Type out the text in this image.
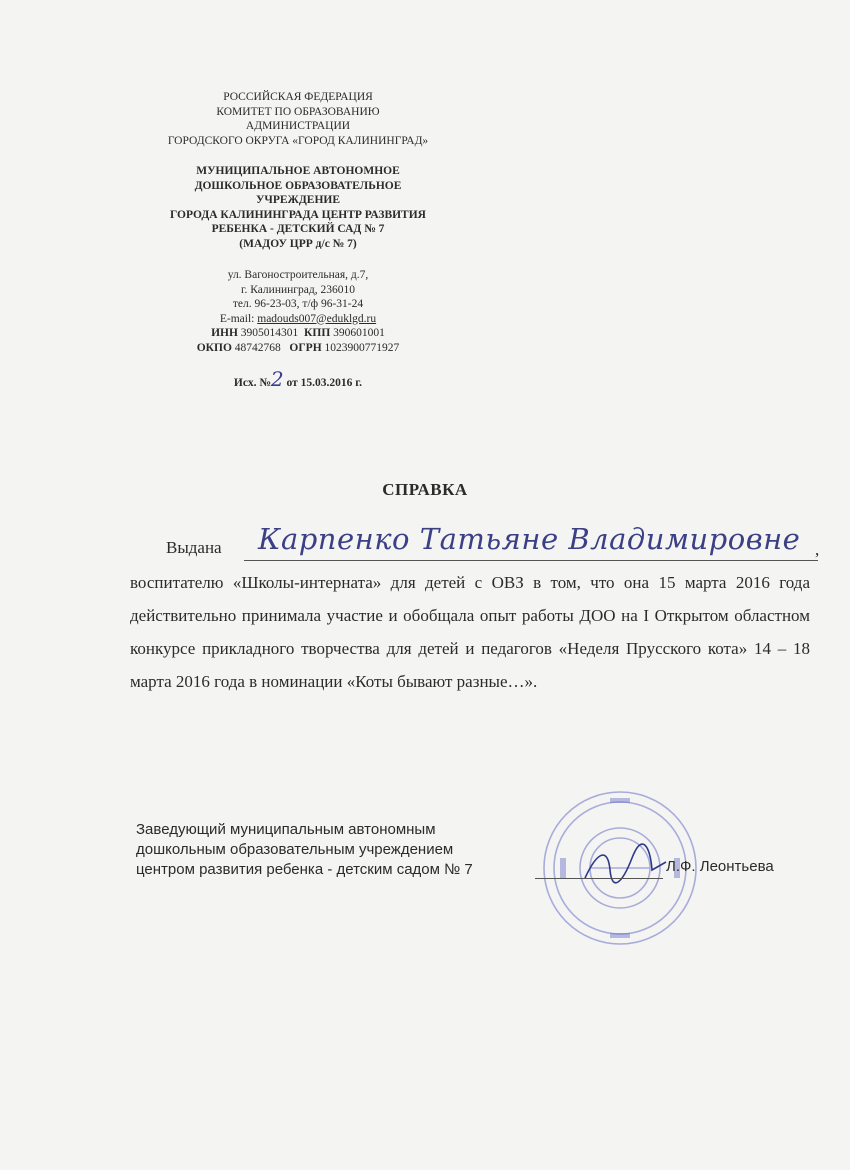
РОССИЙСКАЯ ФЕДЕРАЦИЯ
КОМИТЕТ ПО ОБРАЗОВАНИЮ
АДМИНИСТРАЦИИ
ГОРОДСКОГО ОКРУГА «ГОРОД КАЛИНИНГРАД»
МУНИЦИПАЛЬНОЕ АВТОНОМНОЕ
ДОШКОЛЬНОЕ ОБРАЗОВАТЕЛЬНОЕ
УЧРЕЖДЕНИЕ
ГОРОДА КАЛИНИНГРАДА ЦЕНТР РАЗВИТИЯ
РЕБЕНКА - ДЕТСКИЙ САД № 7
(МАДОУ ЦРР д/с № 7)
ул. Вагоностроительная, д.7,
г. Калининград, 236010
тел. 96-23-03, т/ф 96-31-24
E-mail: madouds007@eduklgd.ru
ИНН 3905014301 КПП 390601001
ОКПО 48742768 ОГРН 1023900771927
Исх. №2 от 15.03.2016 г.
СПРАВКА
Выдана Карпенко Татьяне Владимировне ,
воспитателю «Школы-интерната» для детей с ОВЗ в том, что она 15 марта 2016 года действительно принимала участие и обобщала опыт работы ДОО на I Открытом областном конкурсе прикладного творчества для детей и педагогов «Неделя Прусского кота» 14 – 18 марта 2016 года в номинации «Коты бывают разные…».
Заведующий муниципальным автономным
дошкольным образовательным учреждением
центром развития ребенка - детским садом № 7	Л.Ф. Леонтьева
